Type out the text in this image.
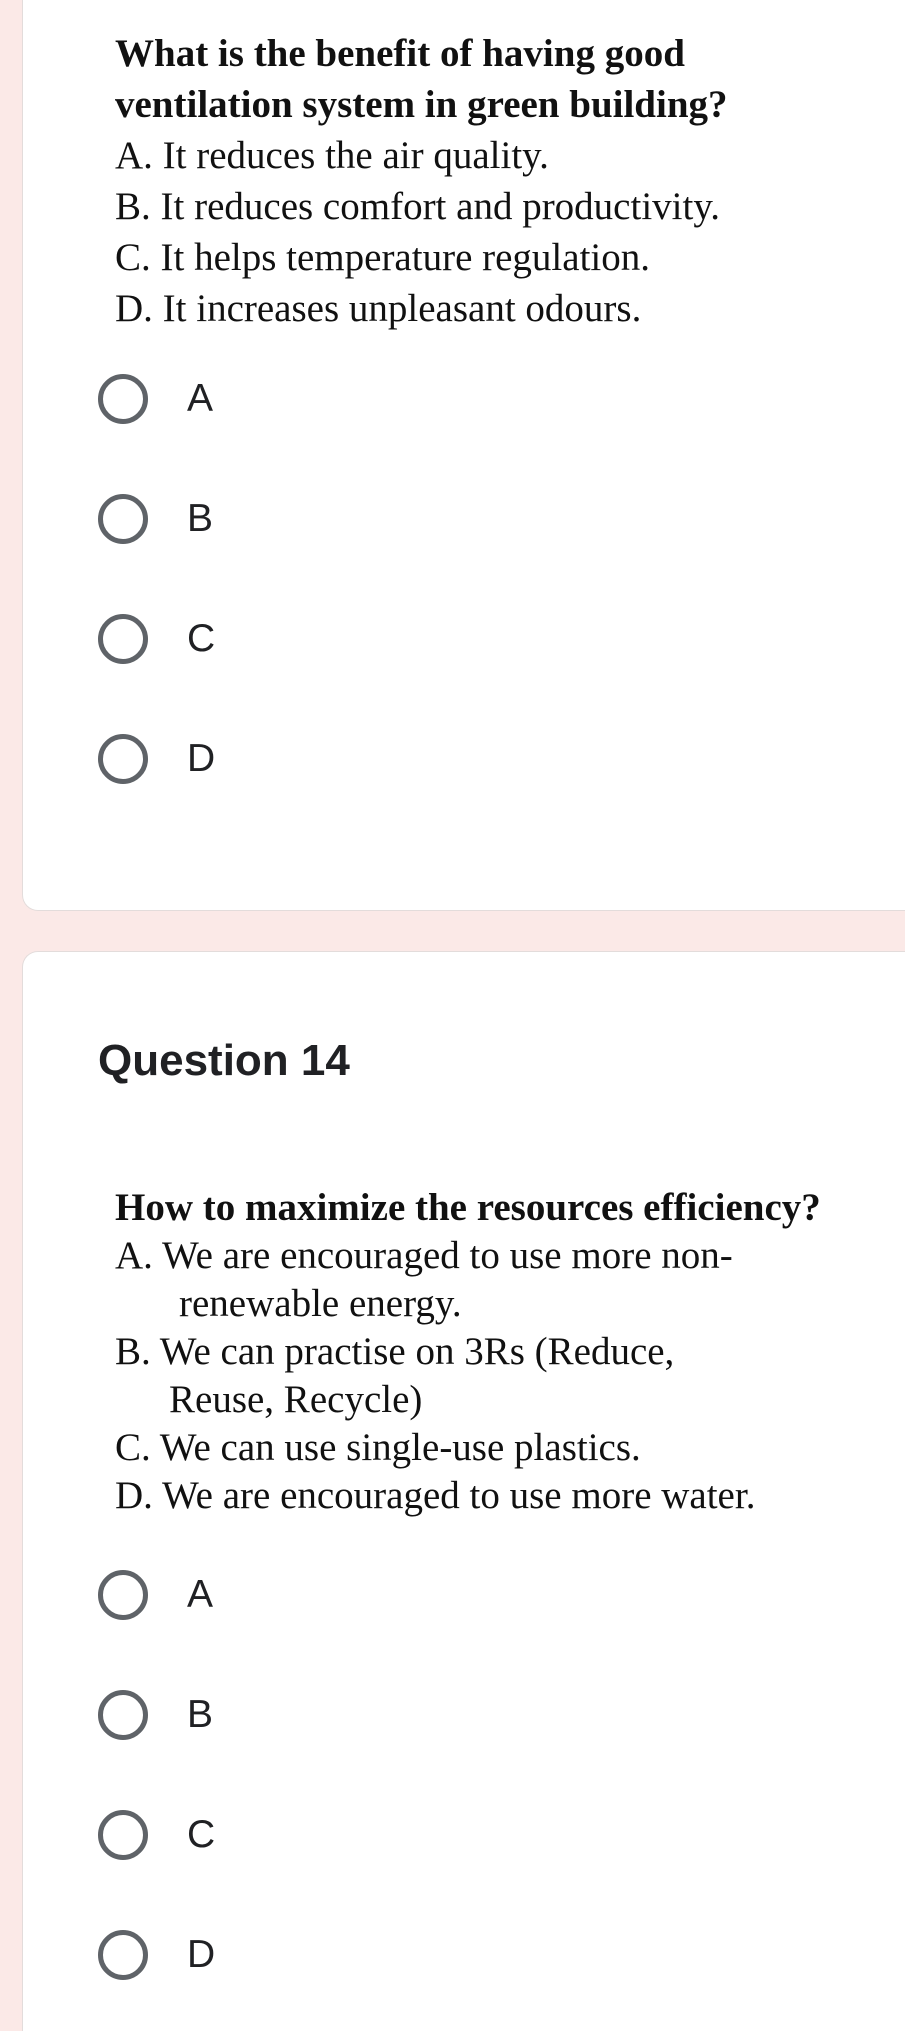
What is the benefit of having good
ventilation system in green building?
A. It reduces the air quality.
B. It reduces comfort and productivity.
C. It helps temperature regulation.
D. It increases unpleasant odours.
A
B
C
D
Question 14
How to maximize the resources efficiency?
A. We are encouraged to use more non-
renewable energy.
B. We can practise on 3Rs (Reduce,
Reuse, Recycle)
C. We can use single-use plastics.
D. We are encouraged to use more water.
A
B
C
D
